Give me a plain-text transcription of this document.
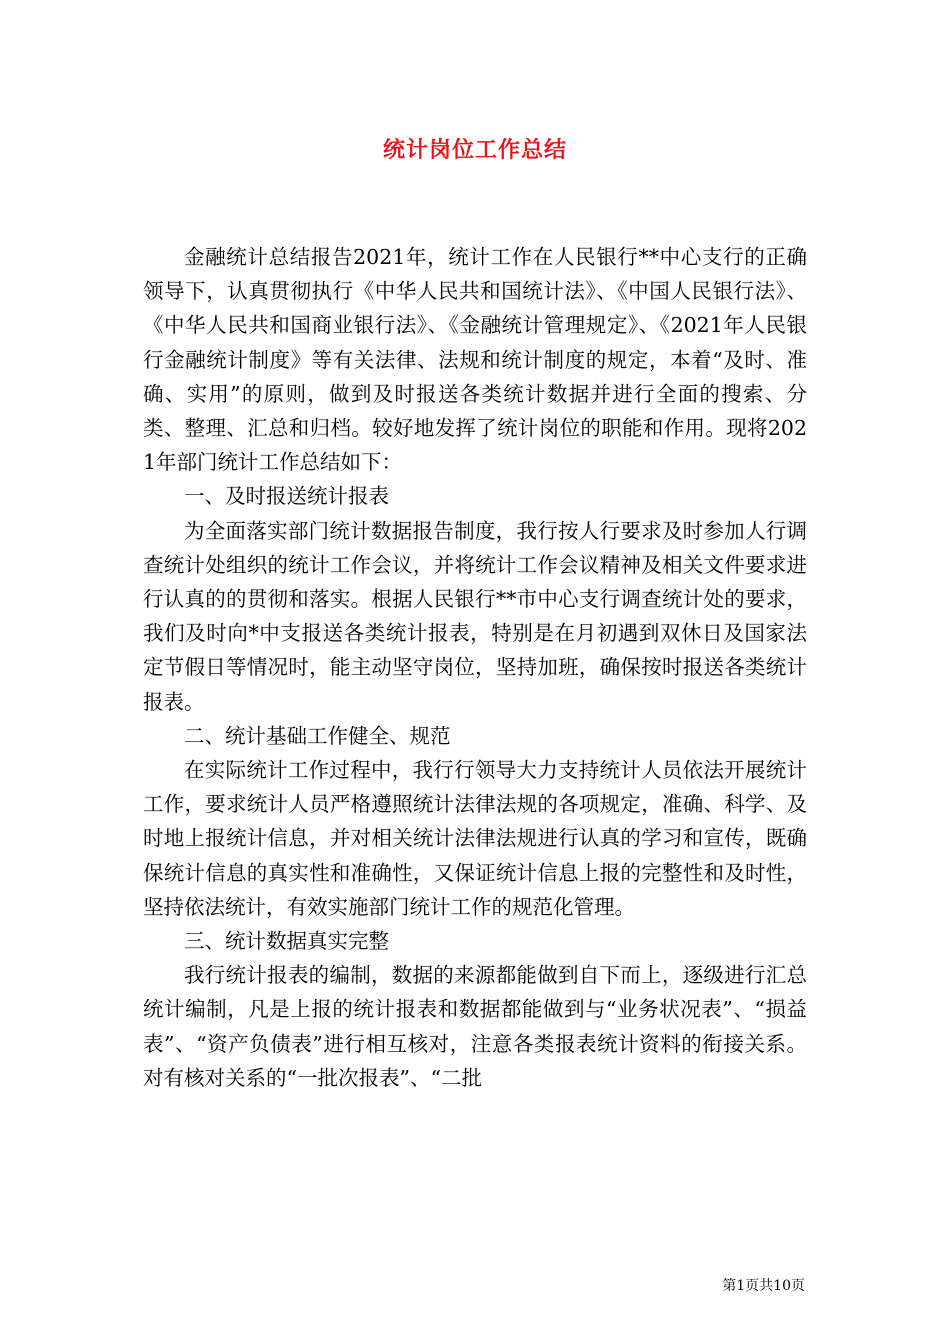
统计岗位工作总结

金融统计总结报告2021年，统计工作在人民银行**中心支行的正确领导下，认真贯彻执行《中华人民共和国统计法》、《中国人民银行法》、《中华人民共和国商业银行法》、《金融统计管理规定》、《2021年人民银行金融统计制度》等有关法律、法规和统计制度的规定，本着“及时、准确、实用”的原则，做到及时报送各类统计数据并进行全面的搜索、分类、整理、汇总和归档。较好地发挥了统计岗位的职能和作用。现将2021年部门统计工作总结如下：

一、及时报送统计报表

为全面落实部门统计数据报告制度，我行按人行要求及时参加人行调查统计处组织的统计工作会议，并将统计工作会议精神及相关文件要求进行认真的的贯彻和落实。根据人民银行**市中心支行调查统计处的要求，我们及时向*中支报送各类统计报表，特别是在月初遇到双休日及国家法定节假日等情况时，能主动坚守岗位，坚持加班，确保按时报送各类统计报表。

二、统计基础工作健全、规范

在实际统计工作过程中，我行行领导大力支持统计人员依法开展统计工作，要求统计人员严格遵照统计法律法规的各项规定，准确、科学、及时地上报统计信息，并对相关统计法律法规进行认真的学习和宣传，既确保统计信息的真实性和准确性，又保证统计信息上报的完整性和及时性，坚持依法统计，有效实施部门统计工作的规范化管理。

三、统计数据真实完整

我行统计报表的编制，数据的来源都能做到自下而上，逐级进行汇总统计编制，凡是上报的统计报表和数据都能做到与“业务状况表”、“损益表”、“资产负债表”进行相互核对，注意各类报表统计资料的衔接关系。对有核对关系的“一批次报表”、“二批

第1页共10页
